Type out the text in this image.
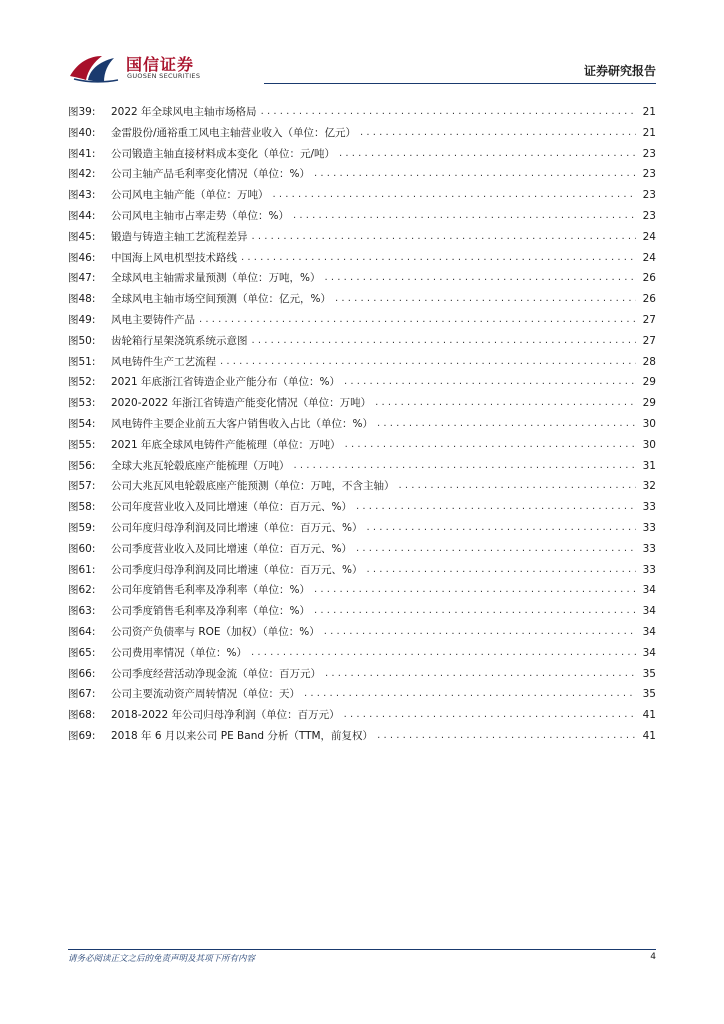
国信证券
GUOSEN SECURITIES	证券研究报告
图39:	2022 年全球风电主轴市场格局 .....	21
图40:	金雷股份/通裕重工风电主轴营业收入（单位：亿元） .....	21
图41:	公司锻造主轴直接材料成本变化（单位：元/吨） .....	23
图42:	公司主轴产品毛利率变化情况（单位：%） .....	23
图43:	公司风电主轴产能（单位：万吨） .....	23
图44:	公司风电主轴市占率走势（单位：%） .....	23
图45:	锻造与铸造主轴工艺流程差异 .....	24
图46:	中国海上风电机型技术路线 .....	24
图47:	全球风电主轴需求量预测（单位：万吨，%） .....	26
图48:	全球风电主轴市场空间预测（单位：亿元，%） .....	26
图49:	风电主要铸件产品 .....	27
图50:	齿轮箱行星架浇筑系统示意图 .....	27
图51:	风电铸件生产工艺流程 .....	28
图52:	2021 年底浙江省铸造企业产能分布（单位：%） .....	29
图53:	2020-2022 年浙江省铸造产能变化情况（单位：万吨） .....	29
图54:	风电铸件主要企业前五大客户销售收入占比（单位：%） .....	30
图55:	2021 年底全球风电铸件产能梳理（单位：万吨） .....	30
图56:	全球大兆瓦轮毂底座产能梳理（万吨） .....	31
图57:	公司大兆瓦风电轮毂底座产能预测（单位：万吨，不含主轴） .....	32
图58:	公司年度营业收入及同比增速（单位：百万元、%） .....	33
图59:	公司年度归母净利润及同比增速（单位：百万元、%） .....	33
图60:	公司季度营业收入及同比增速（单位：百万元、%） .....	33
图61:	公司季度归母净利润及同比增速（单位：百万元、%） .....	33
图62:	公司年度销售毛利率及净利率（单位：%） .....	34
图63:	公司季度销售毛利率及净利率（单位：%） .....	34
图64:	公司资产负债率与 ROE（加权）（单位：%） .....	34
图65:	公司费用率情况（单位：%） .....	34
图66:	公司季度经营活动净现金流（单位：百万元） .....	35
图67:	公司主要流动资产周转情况（单位：天） .....	35
图68:	2018-2022 年公司归母净利润（单位：百万元） .....	41
图69:	2018 年 6 月以来公司 PE Band 分析（TTM，前复权） .....	41
请务必阅读正文之后的免责声明及其项下所有内容	4
